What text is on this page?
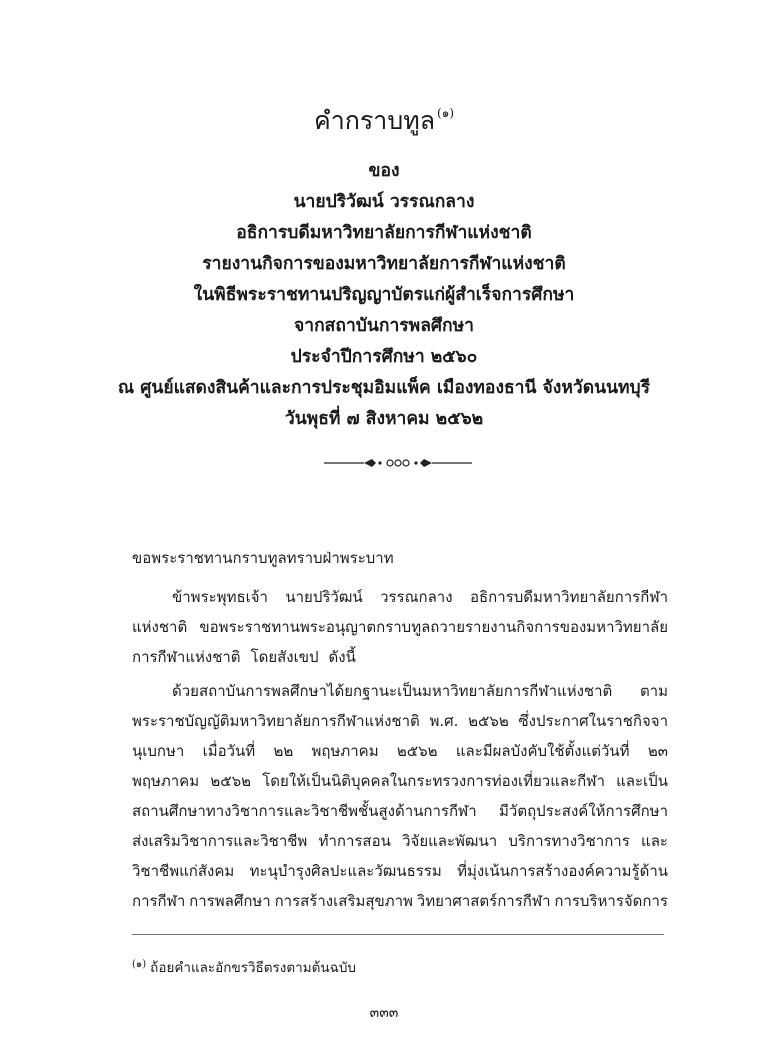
คำกราบทูล $^{(๑)}$
ของ
นายปริวัฒน์ วรรณกลาง
อธิการบดีมหาวิทยาลัยการกีฬาแห่งชาติ
รายงานกิจการของมหาวิทยาลัยการกีฬาแห่งชาติ
ในพิธีพระราชทานปริญญาบัตรแก่ผู้สำเร็จการศึกษา
จากสถาบันการพลศึกษา
ประจำปีการศึกษา ๒๕๖๐
ณ ศูนย์แสดงสินค้าและการประชุมอิมแพ็ค เมืองทองธานี จังหวัดนนทบุรี
วันพุธที่ ๗ สิงหาคม ๒๕๖๒
ขอพระราชทานกราบทูลทราบฝ่าพระบาท
ข้าพระพุทธเจ้า นายปริวัฒน์ วรรณกลาง อธิการบดีมหาวิทยาลัยการกีฬา
แห่งชาติ ขอพระราชทานพระอนุญาตกราบทูลถวายรายงานกิจการของมหาวิทยาลัย
การกีฬาแห่งชาติ โดยสังเขป ดังนี้
ด้วยสถาบันการพลศึกษาได้ยกฐานะเป็นมหาวิทยาลัยการกีฬาแห่งชาติ ตาม
พระราชบัญญัติมหาวิทยาลัยการกีฬาแห่งชาติ พ.ศ. ๒๕๖๒ ซึ่งประกาศในราชกิจจา
นุเบกษา เมื่อวันที่ ๒๒ พฤษภาคม ๒๕๖๒ และมีผลบังคับใช้ตั้งแต่วันที่ ๒๓
พฤษภาคม ๒๕๖๒ โดยให้เป็นนิติบุคคลในกระทรวงการท่องเที่ยวและกีฬา และเป็น
สถานศึกษาทางวิชาการและวิชาชีพชั้นสูงด้านการกีฬา มีวัตถุประสงค์ให้การศึกษา
ส่งเสริมวิชาการและวิชาชีพ ทำการสอน วิจัยและพัฒนา บริการทางวิชาการ และ
วิชาชีพแก่สังคม ทะนุบำรุงศิลปะและวัฒนธรรม ที่มุ่งเน้นการสร้างองค์ความรู้ด้าน
การกีฬา การพลศึกษา การสร้างเสริมสุขภาพ วิทยาศาสตร์การกีฬา การบริหารจัดการ
$^{(๑)}$ ถ้อยคำและอักขรวิธีตรงตามต้นฉบับ
๓๓๓
